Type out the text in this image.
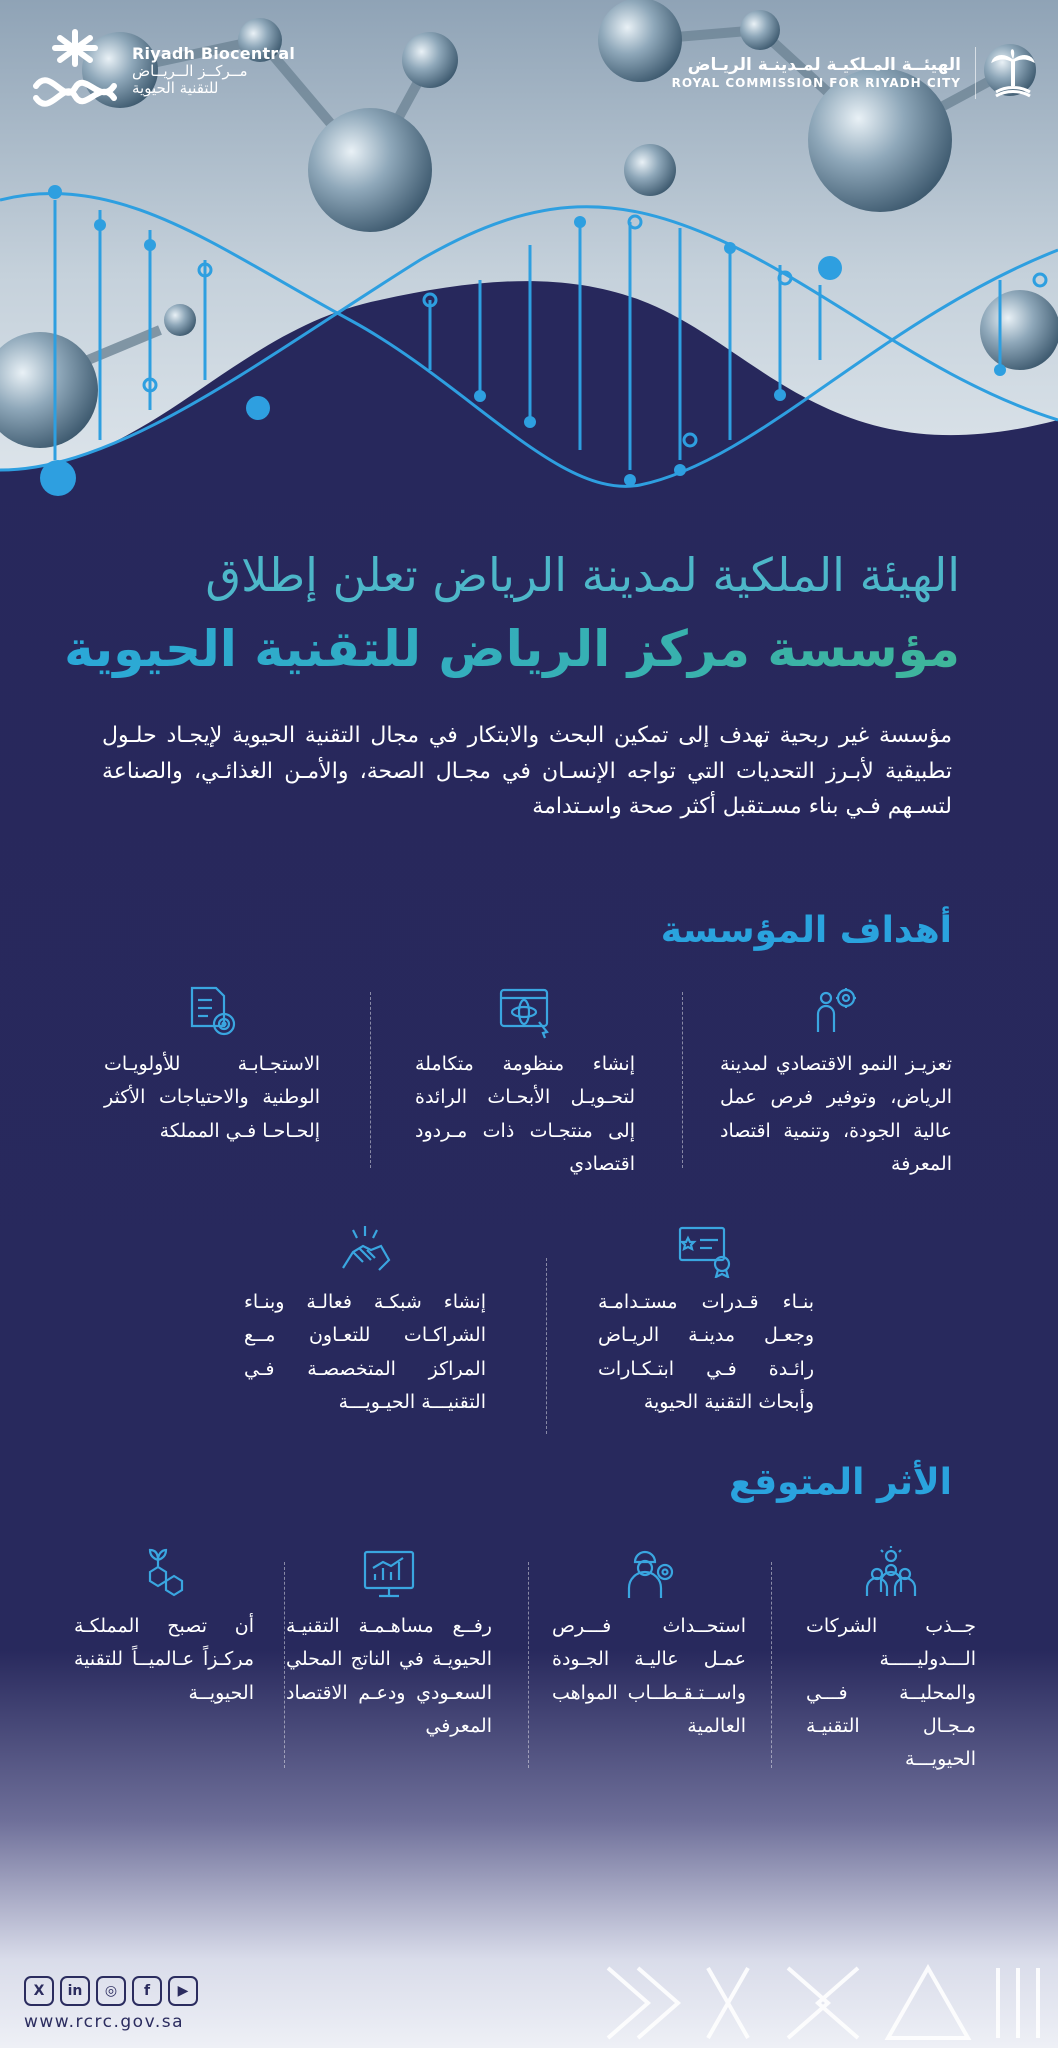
Riyadh Biocentral
مــركــز الــريــاض
للتقنية الحيوية
الهيئــة المـلكيـة لمـدينـة الريـاض
ROYAL COMMISSION FOR RIYADH CITY
الهيئة الملكية لمدينة الرياض تعلن إطلاق
مؤسسة مركز الرياض للتقنية الحيوية
مؤسسة غير ربحية تهدف إلى تمكين البحث والابتكار في مجال التقنية الحيوية لإيجـاد حلـول تطبيقية لأبـرز التحديات التي تواجه الإنسـان في مجـال الصحة، والأمـن الغذائـي، والصناعة لتسـهم فـي بناء مسـتقبل أكثر صحة واسـتدامة
أهداف المؤسسة
تعزيـز النمو الاقتصادي لمدينة الرياض، وتوفير فرص عمل عالية الجودة، وتنمية اقتصاد المعرفة
إنشاء منظومة متكاملة لتحـويـل الأبحـاث الرائدة إلى منتجـات ذات مـردود اقتصادي
الاستجـابـة للأولويـات الوطنية والاحتياجات الأكثر إلحـاحـا فـي المملكة
بنـاء قـدرات مستـدامـة وجعـل مدينـة الريـاض رائـدة فـي ابتـكـارات وأبحاث التقنية الحيوية
إنشاء شبكـة فعالـة وبنـاء الشراكـات للتعـاون مــع المراكز المتخصصـة فـي التقنيـــة الحيـويـــة
الأثر المتوقع
جــذب الشركات الـــدوليـــــة والمحليــة فـــي مـجـال التقنيـة الحيويـــة
استحــداث فـــرص عمـل عاليـة الجـودة واســتـقـطــاب المواهب العالمية
رفــع مساهـمـة التقنيـة الحيويـة في الناتج المحلي السعـودي ودعـم الاقتصاد المعرفي
أن تصبح المملكـة مركـزاً عـالميــاً للتقنية الحيويــة
X	in	◎	f	▶
www.rcrc.gov.sa
